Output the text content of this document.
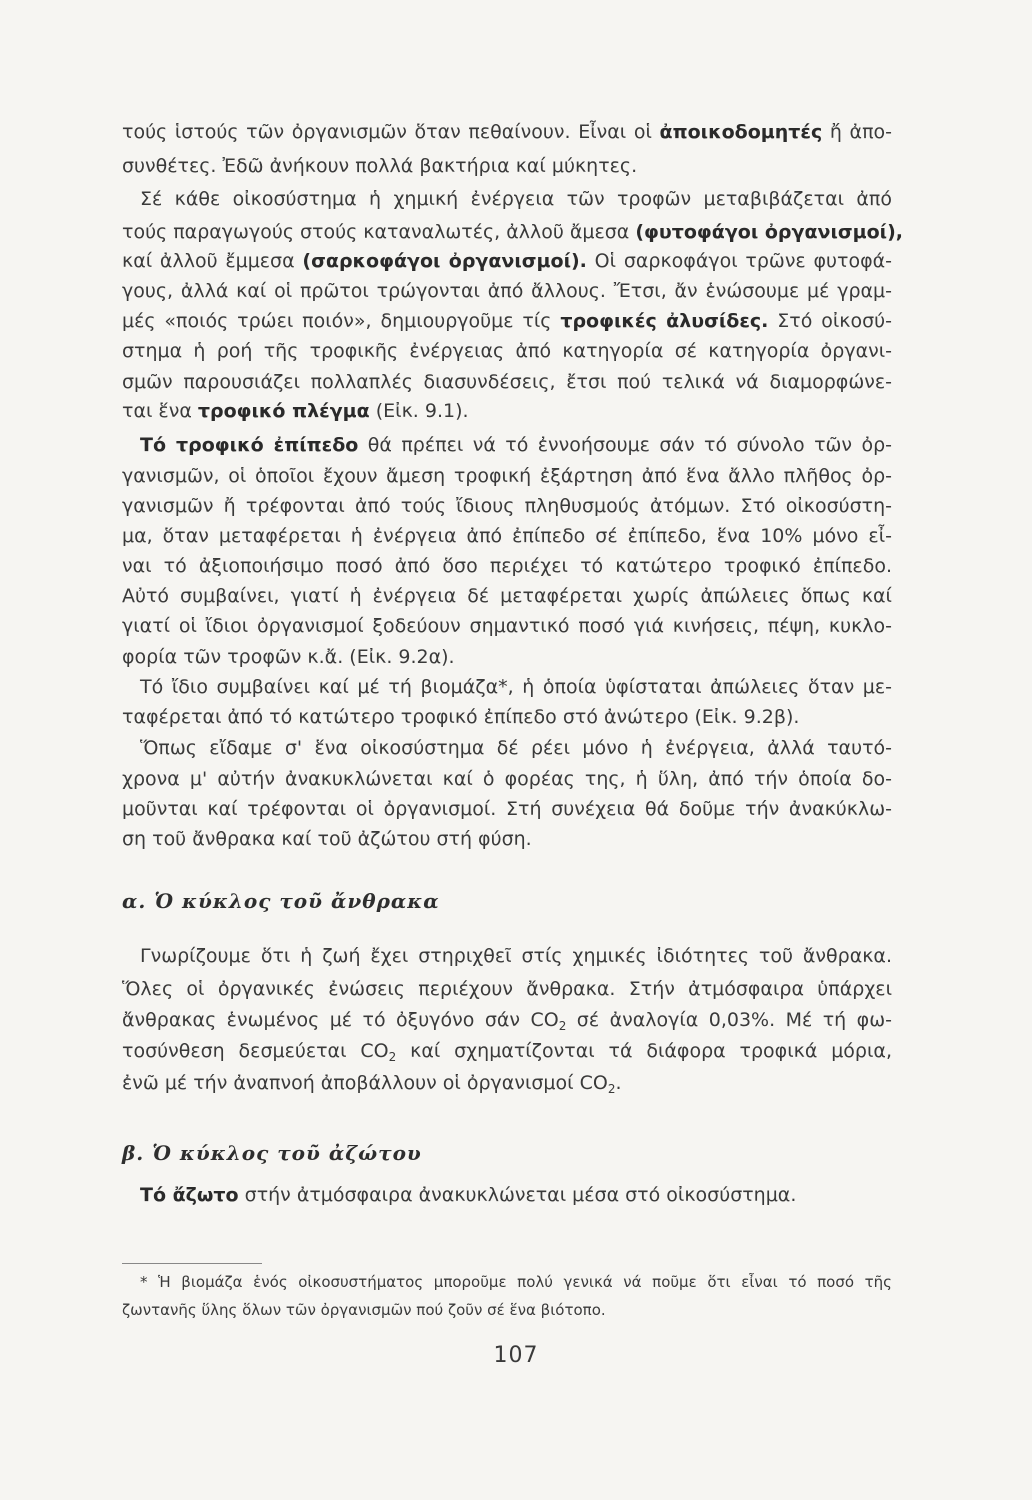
τούς ἱστούς τῶν ὀργανισμῶν ὅταν πεθαίνουν. Εἶναι οἱ ἀποικοδομητές ἤ ἀπο-
συνθέτες. Ἐδῶ ἀνήκουν πολλά βακτήρια καί μύκητες.
Σέ κάθε οἰκοσύστημα ἡ χημική ἐνέργεια τῶν τροφῶν μεταβιβάζεται ἀπό
τούς παραγωγούς στούς καταναλωτές, ἀλλοῦ ἄμεσα (φυτοφάγοι ὀργανισμοί),
καί ἀλλοῦ ἔμμεσα (σαρκοφάγοι ὀργανισμοί). Οἱ σαρκοφάγοι τρῶνε φυτοφά-
γους, ἀλλά καί οἱ πρῶτοι τρώγονται ἀπό ἄλλους. Ἔτσι, ἄν ἑνώσουμε μέ γραμ-
μές «ποιός τρώει ποιόν», δημιουργοῦμε τίς τροφικές ἀλυσίδες. Στό οἰκοσύ-
στημα ἡ ροή τῆς τροφικῆς ἐνέργειας ἀπό κατηγορία σέ κατηγορία ὀργανι-
σμῶν παρουσιάζει πολλαπλές διασυνδέσεις, ἔτσι πού τελικά νά διαμορφώνε-
ται ἕνα τροφικό πλέγμα (Εἰκ. 9.1).
Τό τροφικό ἐπίπεδο θά πρέπει νά τό ἐννοήσουμε σάν τό σύνολο τῶν ὀρ-
γανισμῶν, οἱ ὁποῖοι ἔχουν ἄμεση τροφική ἐξάρτηση ἀπό ἕνα ἄλλο πλῆθος ὀρ-
γανισμῶν ἤ τρέφονται ἀπό τούς ἴδιους πληθυσμούς ἀτόμων. Στό οἰκοσύστη-
μα, ὅταν μεταφέρεται ἡ ἐνέργεια ἀπό ἐπίπεδο σέ ἐπίπεδο, ἕνα 10% μόνο εἶ-
ναι τό ἀξιοποιήσιμο ποσό ἀπό ὅσο περιέχει τό κατώτερο τροφικό ἐπίπεδο.
Αὐτό συμβαίνει, γιατί ἡ ἐνέργεια δέ μεταφέρεται χωρίς ἀπώλειες ὅπως καί
γιατί οἱ ἴδιοι ὀργανισμοί ξοδεύουν σημαντικό ποσό γιά κινήσεις, πέψη, κυκλο-
φορία τῶν τροφῶν κ.ἄ. (Εἰκ. 9.2α).
Τό ἴδιο συμβαίνει καί μέ τή βιομάζα*, ἡ ὁποία ὑφίσταται ἀπώλειες ὅταν με-
ταφέρεται ἀπό τό κατώτερο τροφικό ἐπίπεδο στό ἀνώτερο (Εἰκ. 9.2β).
Ὅπως εἴδαμε σ' ἕνα οἰκοσύστημα δέ ρέει μόνο ἡ ἐνέργεια, ἀλλά ταυτό-
χρονα μ' αὐτήν ἀνακυκλώνεται καί ὁ φορέας της, ἡ ὕλη, ἀπό τήν ὁποία δο-
μοῦνται καί τρέφονται οἱ ὀργανισμοί. Στή συνέχεια θά δοῦμε τήν ἀνακύκλω-
ση τοῦ ἄνθρακα καί τοῦ ἀζώτου στή φύση.
α. Ὁ κύκλος τοῦ ἄνθρακα
Γνωρίζουμε ὅτι ἡ ζωή ἔχει στηριχθεῖ στίς χημικές ἰδιότητες τοῦ ἄνθρακα.
Ὅλες οἱ ὀργανικές ἐνώσεις περιέχουν ἄνθρακα. Στήν ἀτμόσφαιρα ὑπάρχει
ἄνθρακας ἑνωμένος μέ τό ὀξυγόνο σάν $CO_2$ σέ ἀναλογία 0,03%. Μέ τή φω-
τοσύνθεση δεσμεύεται $CO_2$ καί σχηματίζονται τά διάφορα τροφικά μόρια,
ἐνῶ μέ τήν ἀναπνοή ἀποβάλλουν οἱ ὀργανισμοί $CO_2$.
β. Ὁ κύκλος τοῦ ἀζώτου
Τό ἄζωτο στήν ἀτμόσφαιρα ἀνακυκλώνεται μέσα στό οἰκοσύστημα.
* Ἡ βιομάζα ἑνός οἰκοσυστήματος μποροῦμε πολύ γενικά νά ποῦμε ὅτι εἶναι τό ποσό τῆς
ζωντανῆς ὕλης ὅλων τῶν ὀργανισμῶν πού ζοῦν σέ ἕνα βιότοπο.
107
